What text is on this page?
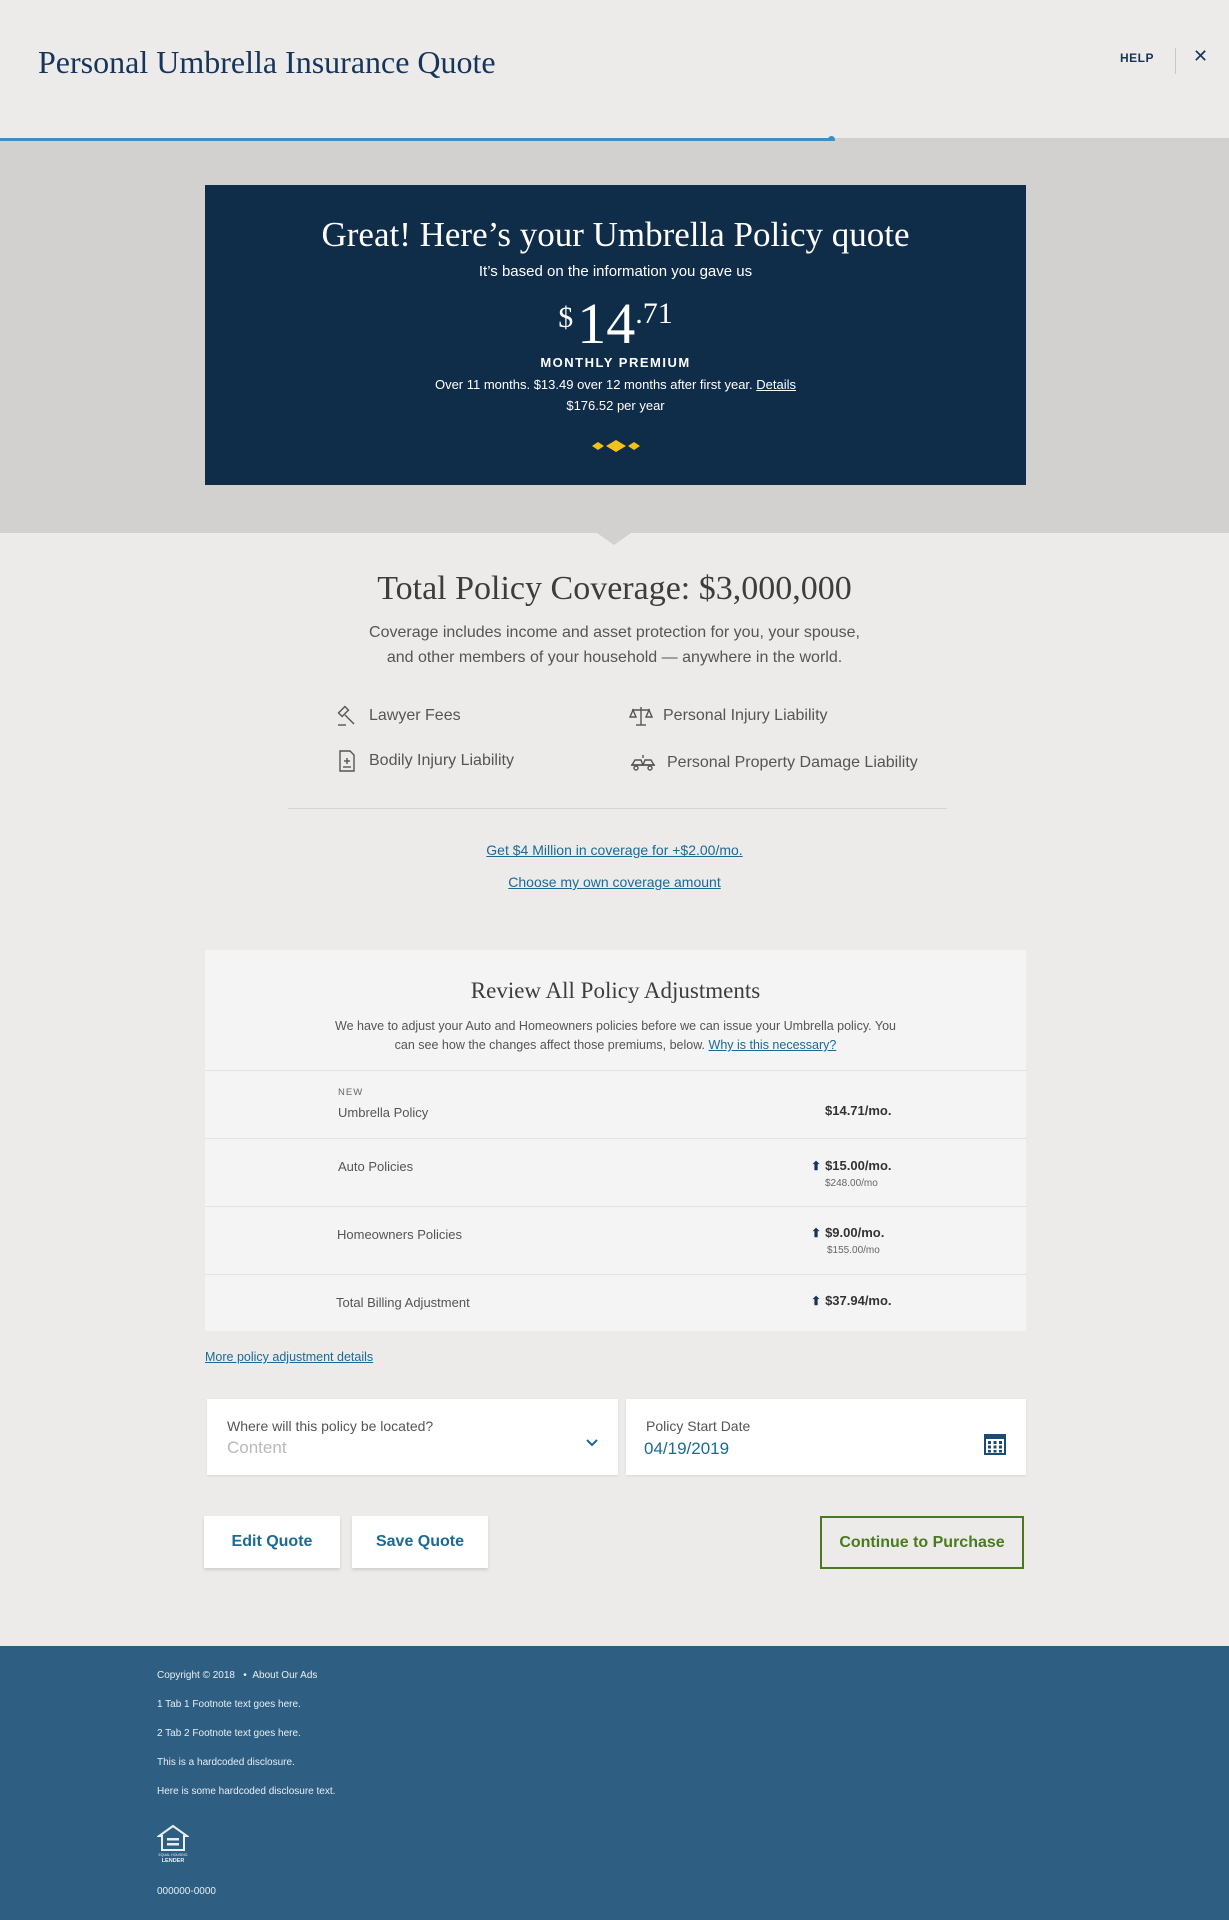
Personal Umbrella Insurance Quote	HELP ✕
Great! Here’s your Umbrella Policy quote
It’s based on the information you gave us
$14.71
MONTHLY PREMIUM
Over 11 months. $13.49 over 12 months after first year. Details
$176.52 per year
Total Policy Coverage: $3,000,000
Coverage includes income and asset protection for you, your spouse,
and other members of your household — anywhere in the world.
Lawyer Fees	Personal Injury Liability
Bodily Injury Liability	Personal Property Damage Liability
Get $4 Million in coverage for +$2.00/mo.
Choose my own coverage amount
Review All Policy Adjustments
We have to adjust your Auto and Homeowners policies before we can issue your Umbrella policy. You can see how the changes affect those premiums, below. Why is this necessary?
NEW
Umbrella Policy	$14.71/mo.
Auto Policies	⬆ $15.00/mo.
$248.00/mo
Homeowners Policies	⬆ $9.00/mo.
$155.00/mo
Total Billing Adjustment	⬆ $37.94/mo.
More policy adjustment details
Where will this policy be located?
Content
Policy Start Date
04/19/2019
Edit Quote	Save Quote	Continue to Purchase
Copyright © 2018   •  About Our Ads
1 Tab 1 Footnote text goes here.
2 Tab 2 Footnote text goes here.
This is a hardcoded disclosure.
Here is some hardcoded disclosure text.
EQUAL HOUSING
LENDER
000000-0000
